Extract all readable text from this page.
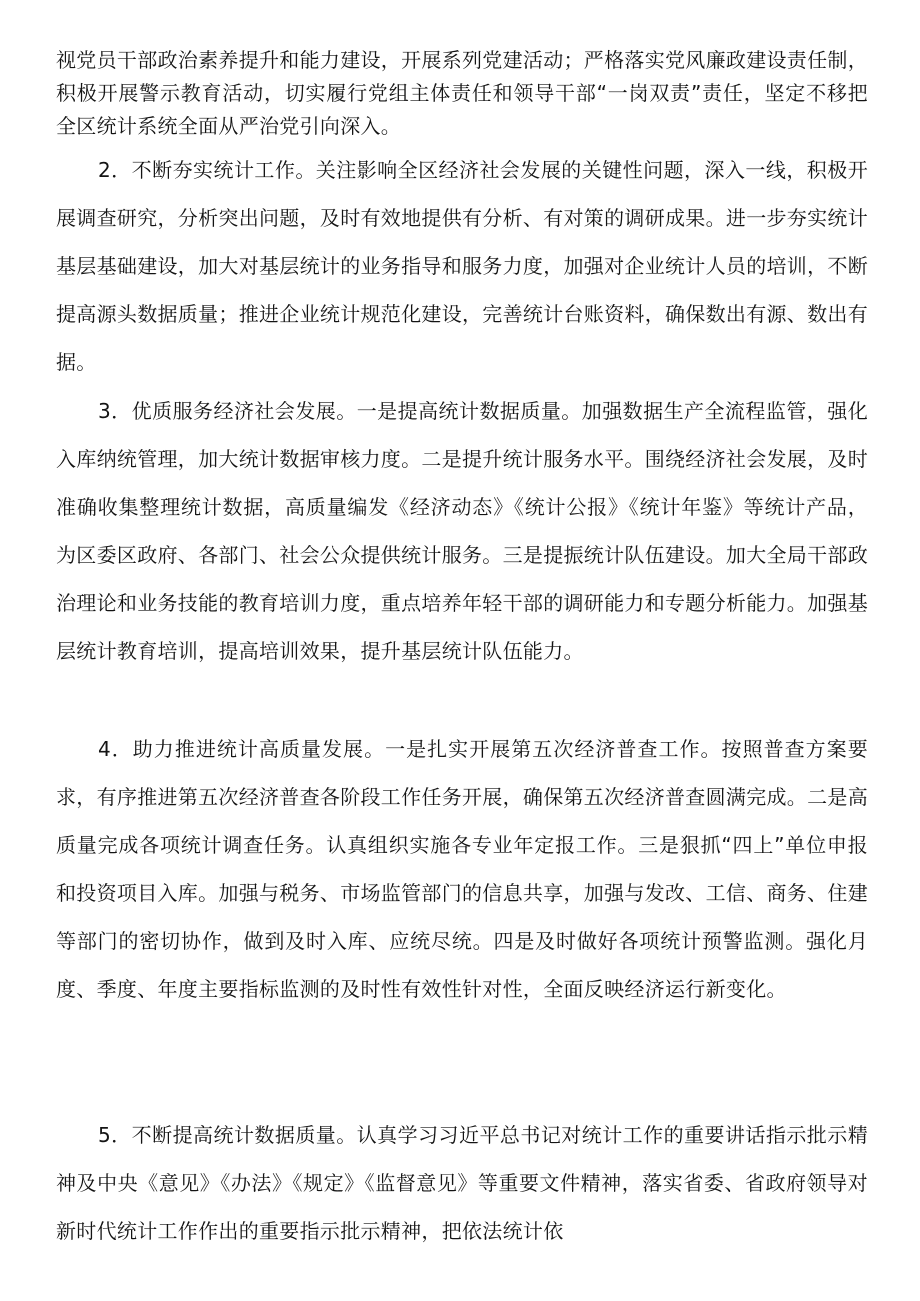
视党员干部政治素养提升和能力建设，开展系列党建活动；严格落实党风廉政建设责任制，积极开展警示教育活动，切实履行党组主体责任和领导干部“一岗双责”责任，坚定不移把全区统计系统全面从严治党引向深入。

2．不断夯实统计工作。关注影响全区经济社会发展的关键性问题，深入一线，积极开展调查研究，分析突出问题，及时有效地提供有分析、有对策的调研成果。进一步夯实统计基层基础建设，加大对基层统计的业务指导和服务力度，加强对企业统计人员的培训，不断提高源头数据质量；推进企业统计规范化建设，完善统计台账资料，确保数出有源、数出有据。

3．优质服务经济社会发展。一是提高统计数据质量。加强数据生产全流程监管，强化入库纳统管理，加大统计数据审核力度。二是提升统计服务水平。围绕经济社会发展，及时准确收集整理统计数据，高质量编发《经济动态》《统计公报》《统计年鉴》等统计产品，为区委区政府、各部门、社会公众提供统计服务。三是提振统计队伍建设。加大全局干部政治理论和业务技能的教育培训力度，重点培养年轻干部的调研能力和专题分析能力。加强基层统计教育培训，提高培训效果，提升基层统计队伍能力。

4．助力推进统计高质量发展。一是扎实开展第五次经济普查工作。按照普查方案要求，有序推进第五次经济普查各阶段工作任务开展，确保第五次经济普查圆满完成。二是高质量完成各项统计调查任务。认真组织实施各专业年定报工作。三是狠抓“四上”单位申报和投资项目入库。加强与税务、市场监管部门的信息共享，加强与发改、工信、商务、住建等部门的密切协作，做到及时入库、应统尽统。四是及时做好各项统计预警监测。强化月度、季度、年度主要指标监测的及时性有效性针对性，全面反映经济运行新变化。

5．不断提高统计数据质量。认真学习习近平总书记对统计工作的重要讲话指示批示精神及中央《意见》《办法》《规定》《监督意见》等重要文件精神，落实省委、省政府领导对新时代统计工作作出的重要指示批示精神，把依法统计依
